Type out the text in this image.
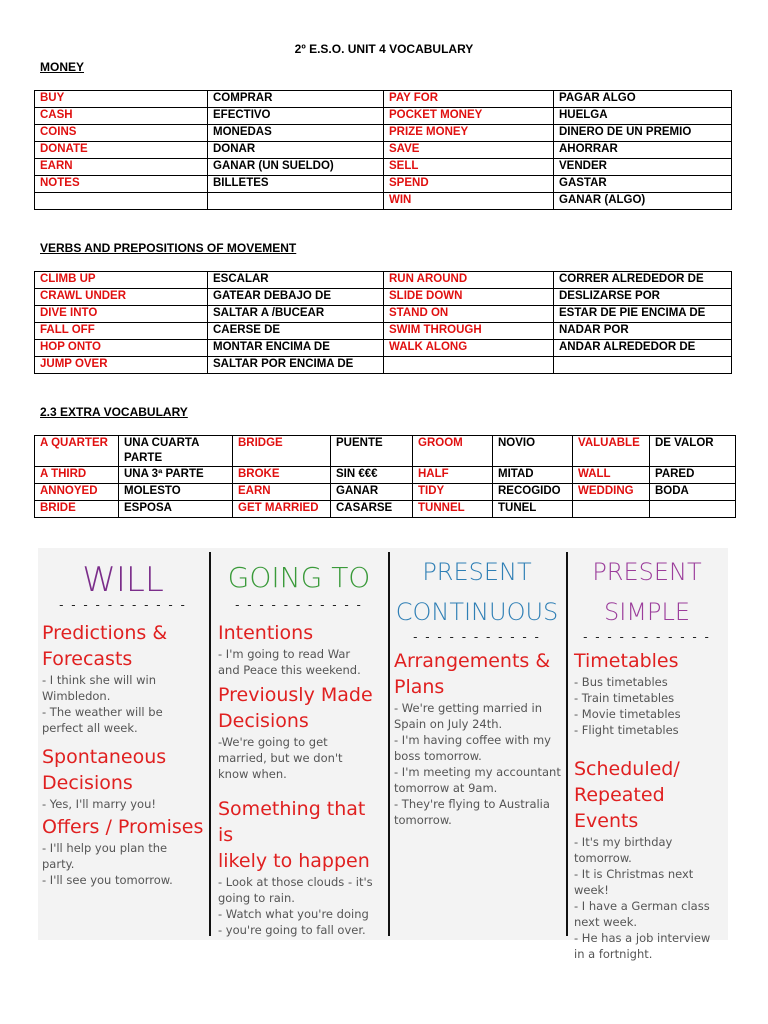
2º E.S.O. UNIT 4 VOCABULARY
MONEY
BUY	COMPRAR	PAY FOR	PAGAR ALGO
CASH	EFECTIVO	POCKET MONEY	HUELGA
COINS	MONEDAS	PRIZE MONEY	DINERO DE UN PREMIO
DONATE	DONAR	SAVE	AHORRAR
EARN	GANAR (UN SUELDO)	SELL	VENDER
NOTES	BILLETES	SPEND	GASTAR
		WIN	GANAR (ALGO)
VERBS AND PREPOSITIONS OF MOVEMENT
CLIMB UP	ESCALAR	RUN AROUND	CORRER ALREDEDOR DE
CRAWL UNDER	GATEAR DEBAJO DE	SLIDE DOWN	DESLIZARSE POR
DIVE INTO	SALTAR A /BUCEAR	STAND ON	ESTAR DE PIE ENCIMA DE
FALL OFF	CAERSE DE	SWIM THROUGH	NADAR POR
HOP ONTO	MONTAR ENCIMA DE	WALK ALONG	ANDAR ALREDEDOR DE
JUMP OVER	SALTAR POR ENCIMA DE		
2.3 EXTRA VOCABULARY
A QUARTER	UNA CUARTA PARTE	BRIDGE	PUENTE	GROOM	NOVIO	VALUABLE	DE VALOR
A THIRD	UNA 3ª PARTE	BROKE	SIN €€€	HALF	MITAD	WALL	PARED
ANNOYED	MOLESTO	EARN	GANAR	TIDY	RECOGIDO	WEDDING	BODA
BRIDE	ESPOSA	GET MARRIED	CASARSE	TUNNEL	TUNEL		
WILL
- - - - - - - - - - -
Predictions &
Forecasts
- I think she will win
Wimbledon.
- The weather will be
perfect all week.
Spontaneous
Decisions
- Yes, I'll marry you!
Offers / Promises
- I'll help you plan the
party.
- I'll see you tomorrow.
GOING TO
- - - - - - - - - - -
Intentions
- I'm going to read War
and Peace this weekend.
Previously Made
Decisions
-We're going to get
married, but we don't
know when.
Something that is
likely to happen
- Look at those clouds - it's
going to rain.
- Watch what you're doing
- you're going to fall over.
PRESENT
CONTINUOUS
- - - - - - - - - - -
Arrangements &
Plans
- We're getting married in
Spain on July 24th.
- I'm having coffee with my
boss tomorrow.
- I'm meeting my accountant
tomorrow at 9am.
- They're flying to Australia
tomorrow.
PRESENT
SIMPLE
- - - - - - - - - - -
Timetables
- Bus timetables
- Train timetables
- Movie timetables
- Flight timetables
Scheduled/
Repeated Events
- It's my birthday
tomorrow.
- It is Christmas next week!
- I have a German class
next week.
- He has a job interview
in a fortnight.
